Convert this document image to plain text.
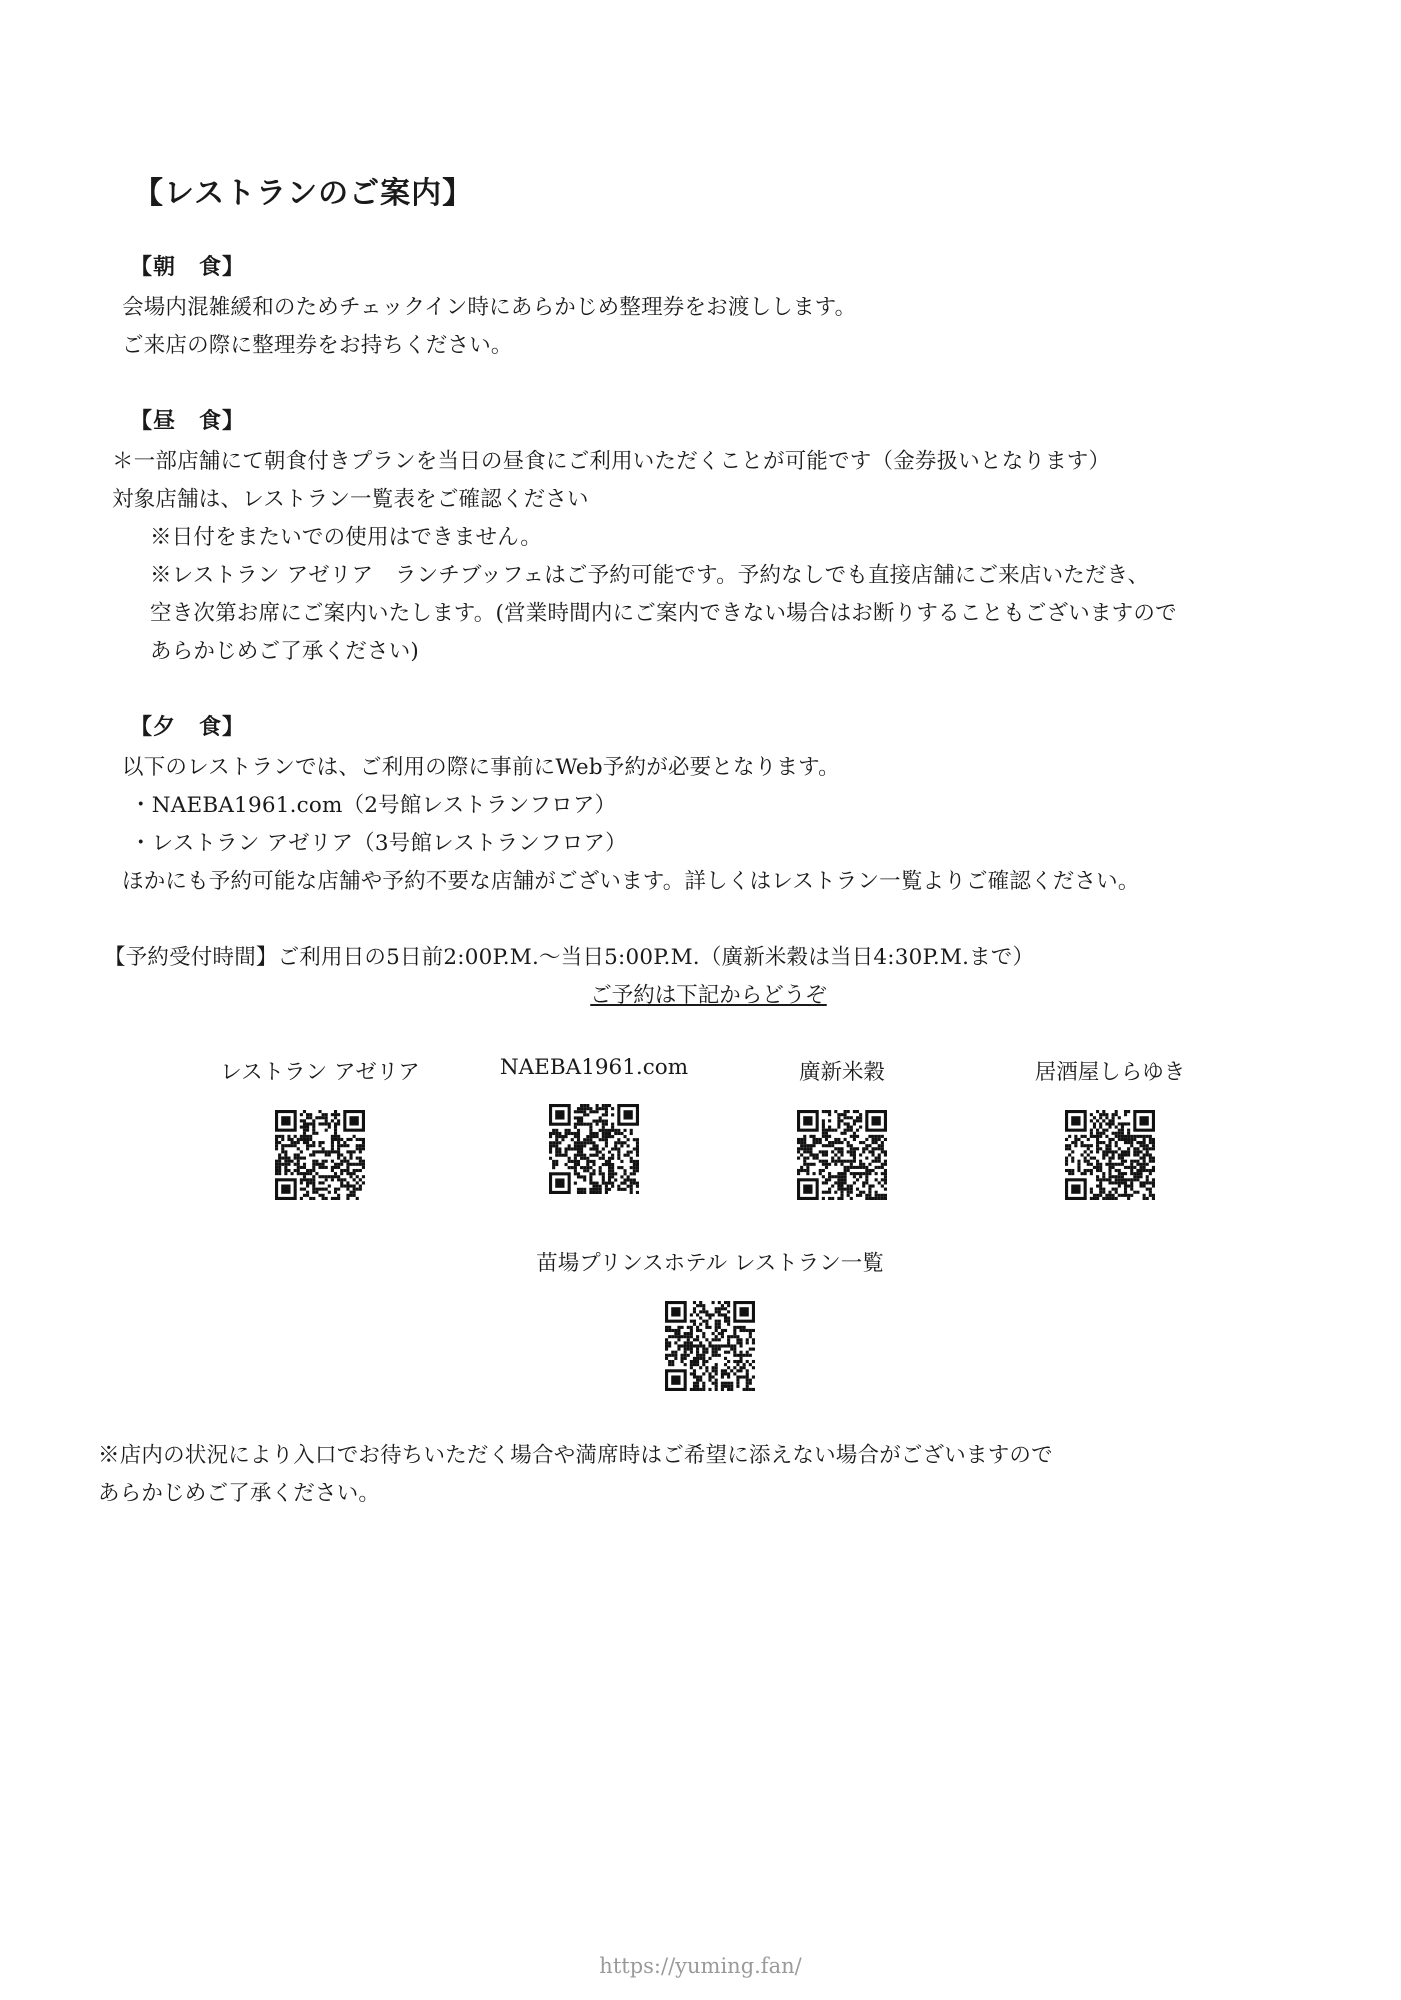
【レストランのご案内】
【朝　食】
会場内混雑緩和のためチェックイン時にあらかじめ整理券をお渡しします。
ご来店の際に整理券をお持ちください。
【昼　食】
＊一部店舗にて朝食付きプランを当日の昼食にご利用いただくことが可能です（金券扱いとなります）
対象店舗は、レストラン一覧表をご確認ください
※日付をまたいでの使用はできません。
※レストラン アゼリア　ランチブッフェはご予約可能です。予約なしでも直接店舗にご来店いただき、
空き次第お席にご案内いたします。(営業時間内にご案内できない場合はお断りすることもございますので
あらかじめご了承ください)
【夕　食】
以下のレストランでは、ご利用の際に事前にWeb予約が必要となります。
・NAEBA1961.com（2号館レストランフロア）
・レストラン アゼリア（3号館レストランフロア）
ほかにも予約可能な店舗や予約不要な店舗がございます。詳しくはレストラン一覧よりご確認ください。
【予約受付時間】ご利用日の5日前2:00P.M.～当日5:00P.M.（廣新米穀は当日4:30P.M.まで）
ご予約は下記からどうぞ
レストラン アゼリア	NAEBA1961.com	廣新米穀	居酒屋しらゆき
苗場プリンスホテル レストラン一覧
※店内の状況により入口でお待ちいただく場合や満席時はご希望に添えない場合がございますので
あらかじめご了承ください。
https://yuming.fan/
